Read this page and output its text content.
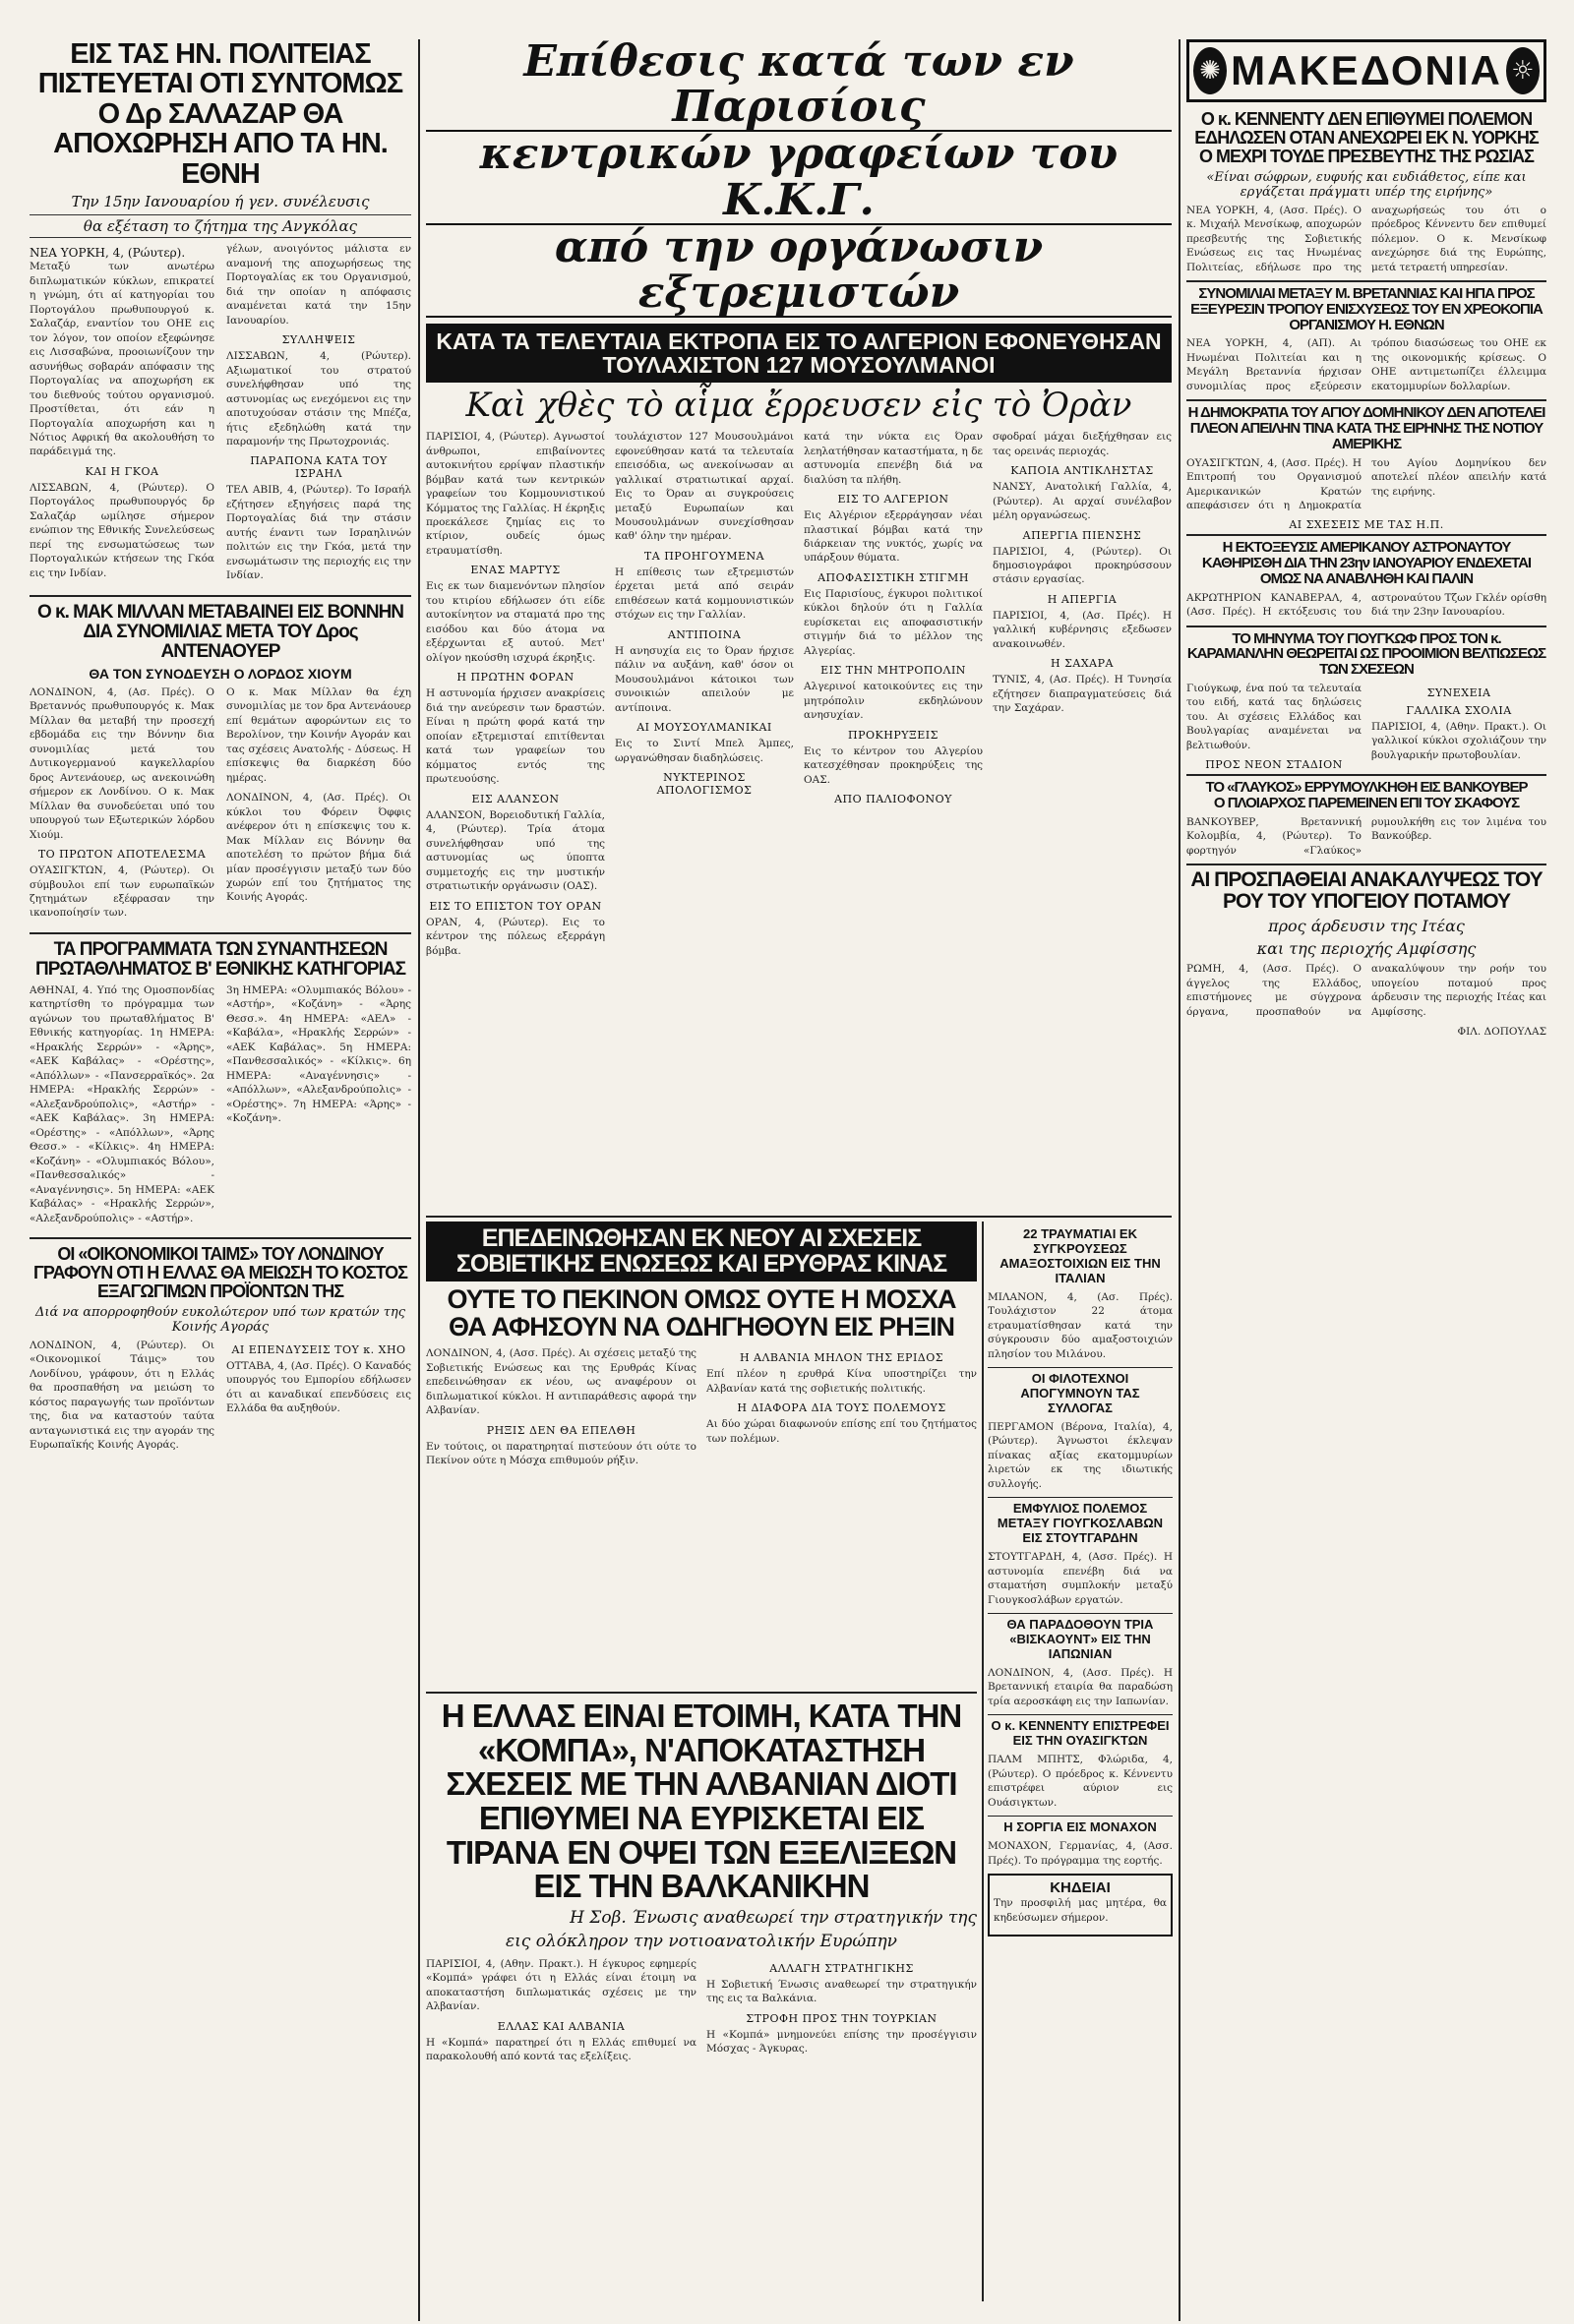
ΕΙΣ ΤΑΣ ΗΝ. ΠΟΛΙΤΕΙΑΣ ΠΙΣΤΕΥΕΤΑΙ ΟΤΙ ΣΥΝΤΟΜΩΣ Ο Δρ ΣΑΛΑΖΑΡ ΘΑ ΑΠΟΧΩΡΗΣΗ ΑΠΟ ΤΑ ΗΝ. ΕΘΝΗ

Την 15ην Ιανουαρίου ή γεν. συνέλευσις

θα εξέταση το ζήτημα της Ανγκόλας

ΝΕΑ ΥΟΡΚΗ, 4, (Ρώυτερ).

Μεταξύ των ανωτέρω διπλωματικών κύκλων, επικρατεί η γνώμη, ότι αί κατηγορίαι του Πορτογάλου πρωθυπουργού κ. Σαλαζάρ, εναντίον του ΟΗΕ εις τον λόγον, τον οποίον εξεφώνησε εις Λισσαβώνα, προοιωνίζουν την ασυνήθως σοβαράν απόφασιν της Πορτογαλίας να αποχωρήση εκ του διεθνούς τούτου οργανισμού. Προστίθεται, ότι εάν η Πορτογαλία αποχωρήση και η Νότιος Αφρική θα ακολουθήση το παράδειγμά της.

ΚΑΙ Η ΓΚΟΑ

ΛΙΣΣΑΒΩΝ, 4, (Ρώυτερ). Ο Πορτογάλος πρωθυπουργός δρ Σαλαζάρ ωμίλησε σήμερον ενώπιον της Εθνικής Συνελεύσεως περί της ενσωματώσεως των Πορτογαλικών κτήσεων της Γκόα εις την Ινδίαν.

γέλων, ανοιγόντος μάλιστα εν αναμονή της αποχωρήσεως της Πορτογαλίας εκ του Οργανισμού, διά την οποίαν η απόφασις αναμένεται κατά την 15ην Ιανουαρίου.

ΣΥΛΛΗΨΕΙΣ

ΛΙΣΣΑΒΩΝ, 4, (Ρώυτερ). Αξιωματικοί του στρατού συνελήφθησαν υπό της αστυνομίας ως ενεχόμενοι εις την αποτυχούσαν στάσιν της Μπέζα, ήτις εξεδηλώθη κατά την παραμονήν της Πρωτοχρονιάς.

ΠΑΡΑΠΟΝΑ ΚΑΤΑ ΤΟΥ ΙΣΡΑΗΛ

ΤΕΛ ΑΒΙΒ, 4, (Ρώυτερ). Το Ισραήλ εζήτησεν εξηγήσεις παρά της Πορτογαλίας διά την στάσιν αυτής έναντι των Ισραηλινών πολιτών εις την Γκόα, μετά την ενσωμάτωσιν της περιοχής εις την Ινδίαν.

Ο κ. ΜΑΚ ΜΙΛΛΑΝ ΜΕΤΑΒΑΙΝΕΙ ΕΙΣ ΒΟΝΝΗΝ ΔΙΑ ΣΥΝΟΜΙΛΙΑΣ ΜΕΤΑ ΤΟΥ Δρος ΑΝΤΕΝΑΟΥΕΡ

ΘΑ ΤΟΝ ΣΥΝΟΔΕΥΣΗ Ο ΛΟΡΔΟΣ ΧΙΟΥΜ

ΛΟΝΔΙΝΟΝ, 4, (Ασ. Πρές). Ο Βρεταννός πρωθυπουργός κ. Μακ Μίλλαν θα μεταβή την προσεχή εβδομάδα εις την Βόννην δια συνομιλίας μετά του Δυτικογερμανού καγκελλαρίου δρος Αντενάουερ, ως ανεκοινώθη σήμερον εκ Λονδίνου. Ο κ. Μακ Μίλλαν θα συνοδεύεται υπό του υπουργού των Εξωτερικών λόρδου Χιούμ.

ΤΟ ΠΡΩΤΟΝ ΑΠΟΤΕΛΕΣΜΑ

ΟΥΑΣΙΓΚΤΩΝ, 4, (Ρώυτερ). Οι σύμβουλοι επί των ευρωπαϊκών ζητημάτων εξέφρασαν την ικανοποίησίν των.

Ο κ. Μακ Μίλλαν θα έχη συνομιλίας με τον δρα Αντενάουερ επί θεμάτων αφορώντων εις το Βερολίνον, την Κοινήν Αγοράν και τας σχέσεις Ανατολής - Δύσεως. Η επίσκεψις θα διαρκέση δύο ημέρας.

ΛΟΝΔΙΝΟΝ, 4, (Ασ. Πρές). Οι κύκλοι του Φόρειν Όφφις ανέφερον ότι η επίσκεψις του κ. Μακ Μίλλαν εις Βόννην θα αποτελέση το πρώτον βήμα διά μίαν προσέγγισιν μεταξύ των δύο χωρών επί του ζητήματος της Κοινής Αγοράς.

ΤΑ ΠΡΟΓΡΑΜΜΑΤΑ ΤΩΝ ΣΥΝΑΝΤΗΣΕΩΝ ΠΡΩΤΑΘΛΗΜΑΤΟΣ Β' ΕΘΝΙΚΗΣ ΚΑΤΗΓΟΡΙΑΣ

ΑΘΗΝΑΙ, 4. Υπό της Ομοσπονδίας κατηρτίσθη το πρόγραμμα των αγώνων του πρωταθλήματος Β' Εθνικής κατηγορίας. 1η ΗΜΕΡΑ: «Ηρακλής Σερρών» - «Άρης», «ΑΕΚ Καβάλας» - «Ορέστης», «Απόλλων» - «Πανσερραϊκός». 2α ΗΜΕΡΑ: «Ηρακλής Σερρών» - «Αλεξανδρούπολις», «Αστήρ» - «ΑΕΚ Καβάλας». 3η ΗΜΕΡΑ: «Ορέστης» - «Απόλλων», «Άρης Θεσσ.» - «Κίλκις». 4η ΗΜΕΡΑ: «Κοζάνη» - «Ολυμπιακός Βόλου», «Πανθεσσαλικός» - «Αναγέννησις». 5η ΗΜΕΡΑ: «ΑΕΚ Καβάλας» - «Ηρακλής Σερρών», «Αλεξανδρούπολις» - «Αστήρ».

3η ΗΜΕΡΑ: «Ολυμπιακός Βόλου» - «Αστήρ», «Κοζάνη» - «Άρης Θεσσ.». 4η ΗΜΕΡΑ: «ΑΕΛ» - «Καβάλα», «Ηρακλής Σερρών» - «ΑΕΚ Καβάλας». 5η ΗΜΕΡΑ: «Πανθεσσαλικός» - «Κίλκις». 6η ΗΜΕΡΑ: «Αναγέννησις» - «Απόλλων», «Αλεξανδρούπολις» - «Ορέστης». 7η ΗΜΕΡΑ: «Άρης» - «Κοζάνη».

ΟΙ «ΟΙΚΟΝΟΜΙΚΟΙ ΤΑΙΜΣ» ΤΟΥ ΛΟΝΔΙΝΟΥ ΓΡΑΦΟΥΝ ΟΤΙ Η ΕΛΛΑΣ ΘΑ ΜΕΙΩΣΗ ΤΟ ΚΟΣΤΟΣ ΕΞΑΓΩΓΙΜΩΝ ΠΡΟΪΟΝΤΩΝ ΤΗΣ

Διά να απορροφηθούν ευκολώτερον υπό των κρατών της Κοινής Αγοράς

ΛΟΝΔΙΝΟΝ, 4, (Ρώυτερ). Οι «Οικονομικοί Τάιμς» του Λονδίνου, γράφουν, ότι η Ελλάς θα προσπαθήση να μειώση το κόστος παραγωγής των προϊόντων της, δια να καταστούν ταύτα ανταγωνιστικά εις την αγοράν της Ευρωπαϊκής Κοινής Αγοράς.

ΑΙ ΕΠΕΝΔΥΣΕΙΣ ΤΟΥ κ. ΧΗΟ

ΟΤΤΑΒΑ, 4, (Ασ. Πρές). Ο Καναδός υπουργός του Εμπορίου εδήλωσεν ότι αι καναδικαί επενδύσεις εις Ελλάδα θα αυξηθούν.

Επίθεσις κατά των εν Παρισίοις
κεντρικών γραφείων του Κ.Κ.Γ.
από την οργάνωσιν εξτρεμιστών

ΚΑΤΑ ΤΑ ΤΕΛΕΥΤΑΙΑ ΕΚΤΡΟΠΑ ΕΙΣ ΤΟ ΑΛΓΕΡΙΟΝ ΕΦΟΝΕΥΘΗΣΑΝ ΤΟΥΛΑΧΙΣΤΟΝ 127 ΜΟΥΣΟΥΛΜΑΝΟΙ

Καὶ χθὲς τὸ αἷμα ἔρρευσεν εἰς τὸ Ὀρὰν

ΠΑΡΙΣΙΟΙ, 4, (Ρώυτερ). Αγνωστοί άνθρωποι, επιβαίνοντες αυτοκινήτου ερρίψαν πλαστικήν βόμβαν κατά των κεντρικών γραφείων του Κομμουνιστικού Κόμματος της Γαλλίας. Η έκρηξις προεκάλεσε ζημίας εις το κτίριον, ουδείς όμως ετραυματίσθη.

ΕΝΑΣ ΜΑΡΤΥΣ

Εις εκ των διαμενόντων πλησίον του κτιρίου εδήλωσεν ότι είδε αυτοκίνητον να σταματά προ της εισόδου και δύο άτομα να εξέρχωνται εξ αυτού. Μετ' ολίγον ηκούσθη ισχυρά έκρηξις.

Η ΠΡΩΤΗΝ ΦΟΡΑΝ

Η αστυνομία ήρχισεν ανακρίσεις διά την ανεύρεσιν των δραστών. Είναι η πρώτη φορά κατά την οποίαν εξτρεμισταί επιτίθενται κατά των γραφείων του κόμματος εντός της πρωτευούσης.

ΕΙΣ ΑΛΑΝΣΟΝ

ΑΛΑΝΣΟΝ, Βορειοδυτική Γαλλία, 4, (Ρώυτερ). Τρία άτομα συνελήφθησαν υπό της αστυνομίας ως ύποπτα συμμετοχής εις την μυστικήν στρατιωτικήν οργάνωσιν (ΟΑΣ).

ΕΙΣ ΤΟ ΕΠΙΣΤΟΝ ΤΟΥ ΟΡΑΝ

ΟΡΑΝ, 4, (Ρώυτερ). Εις το κέντρον της πόλεως εξερράγη βόμβα.

τουλάχιστον 127 Μουσουλμάνοι εφονεύθησαν κατά τα τελευταία επεισόδια, ως ανεκοίνωσαν αι γαλλικαί στρατιωτικαί αρχαί. Εις το Όραν αι συγκρούσεις μεταξύ Ευρωπαίων και Μουσουλμάνων συνεχίσθησαν καθ' όλην την ημέραν.

ΤΑ ΠΡΟΗΓΟΥΜΕΝΑ

Η επίθεσις των εξτρεμιστών έρχεται μετά από σειράν επιθέσεων κατά κομμουνιστικών στόχων εις την Γαλλίαν.

ΑΝΤΙΠΟΙΝΑ

Η ανησυχία εις το Όραν ήρχισε πάλιν να αυξάνη, καθ' όσον οι Μουσουλμάνοι κάτοικοι των συνοικιών απειλούν με αντίποινα.

ΑΙ ΜΟΥΣΟΥΛΜΑΝΙΚΑΙ

Εις το Σιντί Μπελ Άμπες, ωργανώθησαν διαδηλώσεις.

ΝΥΚΤΕΡΙΝΟΣ ΑΠΟΛΟΓΙΣΜΟΣ

κατά την νύκτα εις Όραν λεηλατήθησαν καταστήματα, η δε αστυνομία επενέβη διά να διαλύση τα πλήθη.

ΕΙΣ ΤΟ ΑΛΓΕΡΙΟΝ

Εις Αλγέριον εξερράγησαν νέαι πλαστικαί βόμβαι κατά την διάρκειαν της νυκτός, χωρίς να υπάρξουν θύματα.

ΑΠΟΦΑΣΙΣΤΙΚΗ ΣΤΙΓΜΗ

Εις Παρισίους, έγκυροι πολιτικοί κύκλοι δηλούν ότι η Γαλλία ευρίσκεται εις αποφασιστικήν στιγμήν διά το μέλλον της Αλγερίας.

ΕΙΣ ΤΗΝ ΜΗΤΡΟΠΟΛΙΝ

Αλγερινοί κατοικούντες εις την μητρόπολιν εκδηλώνουν ανησυχίαν.

ΠΡΟΚΗΡΥΞΕΙΣ

Εις το κέντρον του Αλγερίου κατεσχέθησαν προκηρύξεις της ΟΑΣ.

ΑΠΟ ΠΑΛΙΟΦΟΝΟΥ

σφοδραί μάχαι διεξήχθησαν εις τας ορεινάς περιοχάς.

ΚΑΠΟΙΑ ΑΝΤΙΚΛΗΣΤΑΣ

ΝΑΝΣΥ, Ανατολική Γαλλία, 4, (Ρώυτερ). Αι αρχαί συνέλαβον μέλη οργανώσεως.

ΑΠΕΡΓΙΑ ΠΙΕΝΣΗΣ

ΠΑΡΙΣΙΟΙ, 4, (Ρώυτερ). Οι δημοσιογράφοι προκηρύσσουν στάσιν εργασίας.

Η ΑΠΕΡΓΙΑ

ΠΑΡΙΣΙΟΙ, 4, (Ασ. Πρές). Η γαλλική κυβέρνησις εξεδωσεν ανακοινωθέν.

Η ΣΑΧΑΡΑ

ΤΥΝΙΣ, 4, (Ασ. Πρές). Η Τυνησία εζήτησεν διαπραγματεύσεις διά την Σαχάραν.

ΕΠΕΔΕΙΝΩΘΗΣΑΝ ΕΚ ΝΕΟΥ ΑΙ ΣΧΕΣΕΙΣ ΣΟΒΙΕΤΙΚΗΣ ΕΝΩΣΕΩΣ ΚΑΙ ΕΡΥΘΡΑΣ ΚΙΝΑΣ
ΟΥΤΕ ΤΟ ΠΕΚΙΝΟΝ ΟΜΩΣ ΟΥΤΕ Η ΜΟΣΧΑ ΘΑ ΑΦΗΣΟΥΝ ΝΑ ΟΔΗΓΗΘΟΥΝ ΕΙΣ ΡΗΞΙΝ

ΛΟΝΔΙΝΟΝ, 4, (Ασσ. Πρές). Αι σχέσεις μεταξύ της Σοβιετικής Ενώσεως και της Ερυθράς Κίνας επεδεινώθησαν εκ νέου, ως αναφέρουν οι διπλωματικοί κύκλοι. Η αντιπαράθεσις αφορά την Αλβανίαν.

ΡΗΞΙΣ ΔΕΝ ΘΑ ΕΠΕΛΘΗ

Εν τούτοις, οι παρατηρηταί πιστεύουν ότι ούτε το Πεκίνον ούτε η Μόσχα επιθυμούν ρήξιν.

Η ΑΛΒΑΝΙΑ ΜΗΛΟΝ ΤΗΣ ΕΡΙΔΟΣ

Επί πλέον η ερυθρά Κίνα υποστηρίζει την Αλβανίαν κατά της σοβιετικής πολιτικής.

Η ΔΙΑΦΟΡΑ ΔΙΑ ΤΟΥΣ ΠΟΛΕΜΟΥΣ

Αι δύο χώραι διαφωνούν επίσης επί του ζητήματος των πολέμων.

Η ΕΛΛΑΣ ΕΙΝΑΙ ΕΤΟΙΜΗ, ΚΑΤΑ ΤΗΝ «ΚΟΜΠΑ», Ν'ΑΠΟΚΑΤΑΣΤΗΣΗ ΣΧΕΣΕΙΣ ΜΕ ΤΗΝ ΑΛΒΑΝΙΑΝ ΔΙΟΤΙ ΕΠΙΘΥΜΕΙ ΝΑ ΕΥΡΙΣΚΕΤΑΙ ΕΙΣ ΤΙΡΑΝΑ ΕΝ ΟΨΕΙ ΤΩΝ ΕΞΕΛΙΞΕΩΝ ΕΙΣ ΤΗΝ ΒΑΛΚΑΝΙΚΗΝ

Η Σοβ. Ένωσις αναθεωρεί την στρατηγικήν της

εις ολόκληρον την νοτιοανατολικήν Ευρώπην

ΠΑΡΙΣΙΟΙ, 4, (Αθην. Πρακτ.). Η έγκυρος εφημερίς «Κομπά» γράφει ότι η Ελλάς είναι έτοιμη να αποκαταστήση διπλωματικάς σχέσεις με την Αλβανίαν.

ΕΛΛΑΣ ΚΑΙ ΑΛΒΑΝΙΑ

Η «Κομπά» παρατηρεί ότι η Ελλάς επιθυμεί να παρακολουθή από κοντά τας εξελίξεις.

ΑΛΛΑΓΗ ΣΤΡΑΤΗΓΙΚΗΣ

Η Σοβιετική Ένωσις αναθεωρεί την στρατηγικήν της εις τα Βαλκάνια.

ΣΤΡΟΦΗ ΠΡΟΣ ΤΗΝ ΤΟΥΡΚΙΑΝ

Η «Κομπά» μνημονεύει επίσης την προσέγγισιν Μόσχας - Άγκυρας.

22 ΤΡΑΥΜΑΤΙΑΙ ΕΚ ΣΥΓΚΡΟΥΣΕΩΣ ΑΜΑΞΟΣΤΟΙΧΙΩΝ ΕΙΣ ΤΗΝ ΙΤΑΛΙΑΝ

ΜΙΛΑΝΟΝ, 4, (Ασ. Πρές). Τουλάχιστον 22 άτομα ετραυματίσθησαν κατά την σύγκρουσιν δύο αμαξοστοιχιών πλησίον του Μιλάνου.

ΟΙ ΦΙΛΟΤΕΧΝΟΙ ΑΠΟΓΥΜΝΟΥΝ ΤΑΣ ΣΥΛΛΟΓΑΣ

ΠΕΡΓΑΜΟΝ (Βέρονα, Ιταλία), 4, (Ρώυτερ). Άγνωστοι έκλεψαν πίνακας αξίας εκατομμυρίων λιρετών εκ της ιδιωτικής συλλογής.

ΕΜΦΥΛΙΟΣ ΠΟΛΕΜΟΣ ΜΕΤΑΞΥ ΓΙΟΥΓΚΟΣΛΑΒΩΝ ΕΙΣ ΣΤΟΥΤΓΑΡΔΗΝ

ΣΤΟΥΤΓΑΡΔΗ, 4, (Ασσ. Πρές). Η αστυνομία επενέβη διά να σταματήση συμπλοκήν μεταξύ Γιουγκοσλάβων εργατών.

ΘΑ ΠΑΡΑΔΟΘΟΥΝ ΤΡΙΑ «ΒΙΣΚΑΟΥΝΤ» ΕΙΣ ΤΗΝ ΙΑΠΩΝΙΑΝ

ΛΟΝΔΙΝΟΝ, 4, (Ασσ. Πρές). Η Βρεταννική εταιρία θα παραδώση τρία αεροσκάφη εις την Ιαπωνίαν.

Ο κ. ΚΕΝΝΕΝΤΥ ΕΠΙΣΤΡΕΦΕΙ ΕΙΣ ΤΗΝ ΟΥΑΣΙΓΚΤΩΝ

ΠΑΛΜ ΜΠΗΤΣ, Φλώριδα, 4, (Ρώυτερ). Ο πρόεδρος κ. Κέννεντυ επιστρέφει αύριον εις Ουάσιγκτων.

Η ΣΟΡΓΙΑ ΕΙΣ ΜΟΝΑΧΟΝ

ΜΟΝΑΧΟΝ, Γερμανίας, 4, (Ασσ. Πρές). Το πρόγραμμα της εορτής.

ΚΗΔΕΙΑΙ

Την προσφιλή μας μητέρα, θα κηδεύσωμεν σήμερον.

✺ ΜΑΚΕΔΟΝΙΑ ☼
Ο κ. ΚΕΝΝΕΝΤΥ ΔΕΝ ΕΠΙΘΥΜΕΙ ΠΟΛΕΜΟΝ ΕΔΗΛΩΣΕΝ ΟΤΑΝ ΑΝΕΧΩΡΕΙ ΕΚ Ν. ΥΟΡΚΗΣ Ο ΜΕΧΡΙ ΤΟΥΔΕ ΠΡΕΣΒΕΥΤΗΣ ΤΗΣ ΡΩΣΙΑΣ

«Είναι σώφρων, ευφυής και ευδιάθετος, είπε και εργάζεται πράγματι υπέρ της ειρήνης»

ΝΕΑ ΥΟΡΚΗ, 4, (Ασσ. Πρές). Ο κ. Μιχαήλ Μενσίκωφ, αποχωρών πρεσβευτής της Σοβιετικής Ενώσεως εις τας Ηνωμένας Πολιτείας, εδήλωσε προ της αναχωρήσεώς του ότι ο πρόεδρος Κέννεντυ δεν επιθυμεί πόλεμον. Ο κ. Μενσίκωφ ανεχώρησε διά της Ευρώπης, μετά τετραετή υπηρεσίαν.

ΣΥΝΟΜΙΛΙΑΙ ΜΕΤΑΞΥ Μ. ΒΡΕΤΑΝΝΙΑΣ ΚΑΙ ΗΠΑ ΠΡΟΣ ΕΞΕΥΡΕΣΙΝ ΤΡΟΠΟΥ ΕΝΙΣΧΥΣΕΩΣ ΤΟΥ ΕΝ ΧΡΕΟΚΟΠΙΑ ΟΡΓΑΝΙΣΜΟΥ Η. ΕΘΝΩΝ

ΝΕΑ ΥΟΡΚΗ, 4, (ΑΠ). Αι Ηνωμέναι Πολιτείαι και η Μεγάλη Βρεταννία ήρχισαν συνομιλίας προς εξεύρεσιν τρόπου διασώσεως του ΟΗΕ εκ της οικονομικής κρίσεως. Ο ΟΗΕ αντιμετωπίζει έλλειμμα εκατομμυρίων δολλαρίων.

Η ΔΗΜΟΚΡΑΤΙΑ ΤΟΥ ΑΓΙΟΥ ΔΟΜΗΝΙΚΟΥ ΔΕΝ ΑΠΟΤΕΛΕΙ ΠΛΕΟΝ ΑΠΕΙΛΗΝ ΤΙΝΑ ΚΑΤΑ ΤΗΣ ΕΙΡΗΝΗΣ ΤΗΣ ΝΟΤΙΟΥ ΑΜΕΡΙΚΗΣ

ΟΥΑΣΙΓΚΤΩΝ, 4, (Ασσ. Πρές). Η Επιτροπή του Οργανισμού Αμερικανικών Κρατών απεφάσισεν ότι η Δημοκρατία του Αγίου Δομηνίκου δεν αποτελεί πλέον απειλήν κατά της ειρήνης.

ΑΙ ΣΧΕΣΕΙΣ ΜΕ ΤΑΣ Η.Π.

Η ΕΚΤΟΞΕΥΣΙΣ ΑΜΕΡΙΚΑΝΟΥ ΑΣΤΡΟΝΑΥΤΟΥ ΚΑΘΗΡΙΣΘΗ ΔΙΑ ΤΗΝ 23ην ΙΑΝΟΥΑΡΙΟΥ ΕΝΔΕΧΕΤΑΙ ΟΜΩΣ ΝΑ ΑΝΑΒΛΗΘΗ ΚΑΙ ΠΑΛΙΝ

ΑΚΡΩΤΗΡΙΟΝ ΚΑΝΑΒΕΡΑΛ, 4, (Ασσ. Πρές). Η εκτόξευσις του αστροναύτου Τζων Γκλέν ορίσθη διά την 23ην Ιανουαρίου.

ΤΟ ΜΗΝΥΜΑ ΤΟΥ ΓΙΟΥΓΚΩΦ ΠΡΟΣ ΤΟΝ κ. ΚΑΡΑΜΑΝΛΗΝ ΘΕΩΡΕΙΤΑΙ ΩΣ ΠΡΟΟΙΜΙΟΝ ΒΕΛΤΙΩΣΕΩΣ ΤΩΝ ΣΧΕΣΕΩΝ

Γιούγκωφ, ένα πού τα τελευταία του ειδή, κατά τας δηλώσεις του. Αι σχέσεις Ελλάδος και Βουλγαρίας αναμένεται να βελτιωθούν.

ΠΡΟΣ ΝΕΟΝ ΣΤΑΔΙΟΝ

ΣΥΝΕΧΕΙΑ

ΓΑΛΛΙΚΑ ΣΧΟΛΙΑ

ΠΑΡΙΣΙΟΙ, 4, (Αθην. Πρακτ.). Οι γαλλικοί κύκλοι σχολιάζουν την βουλγαρικήν πρωτοβουλίαν.

ΤΟ «ΓΛΑΥΚΟΣ» ΕΡΡΥΜΟΥΛΚΗΘΗ ΕΙΣ ΒΑΝΚΟΥΒΕΡ
Ο ΠΛΟΙΑΡΧΟΣ ΠΑΡΕΜΕΙΝΕΝ ΕΠΙ ΤΟΥ ΣΚΑΦΟΥΣ

ΒΑΝΚΟΥΒΕΡ, Βρεταννική Κολομβία, 4, (Ρώυτερ). Το φορτηγόν «Γλαύκος» ρυμουλκήθη εις τον λιμένα του Βανκούβερ.

ΑΙ ΠΡΟΣΠΑΘΕΙΑΙ ΑΝΑΚΑΛΥΨΕΩΣ ΤΟΥ ΡΟΥ ΤΟΥ ΥΠΟΓΕΙΟΥ ΠΟΤΑΜΟΥ

προς άρδευσιν της Ιτέας

και της περιοχής Αμφίσσης

ΡΩΜΗ, 4, (Ασσ. Πρές). Ο άγγελος της Ελλάδος, επιστήμονες με σύγχρονα όργανα, προσπαθούν να ανακαλύψουν την ροήν του υπογείου ποταμού προς άρδευσιν της περιοχής Ιτέας και Αμφίσσης.

ΦΙΛ. ΔΟΠΟΥΛΑΣ
